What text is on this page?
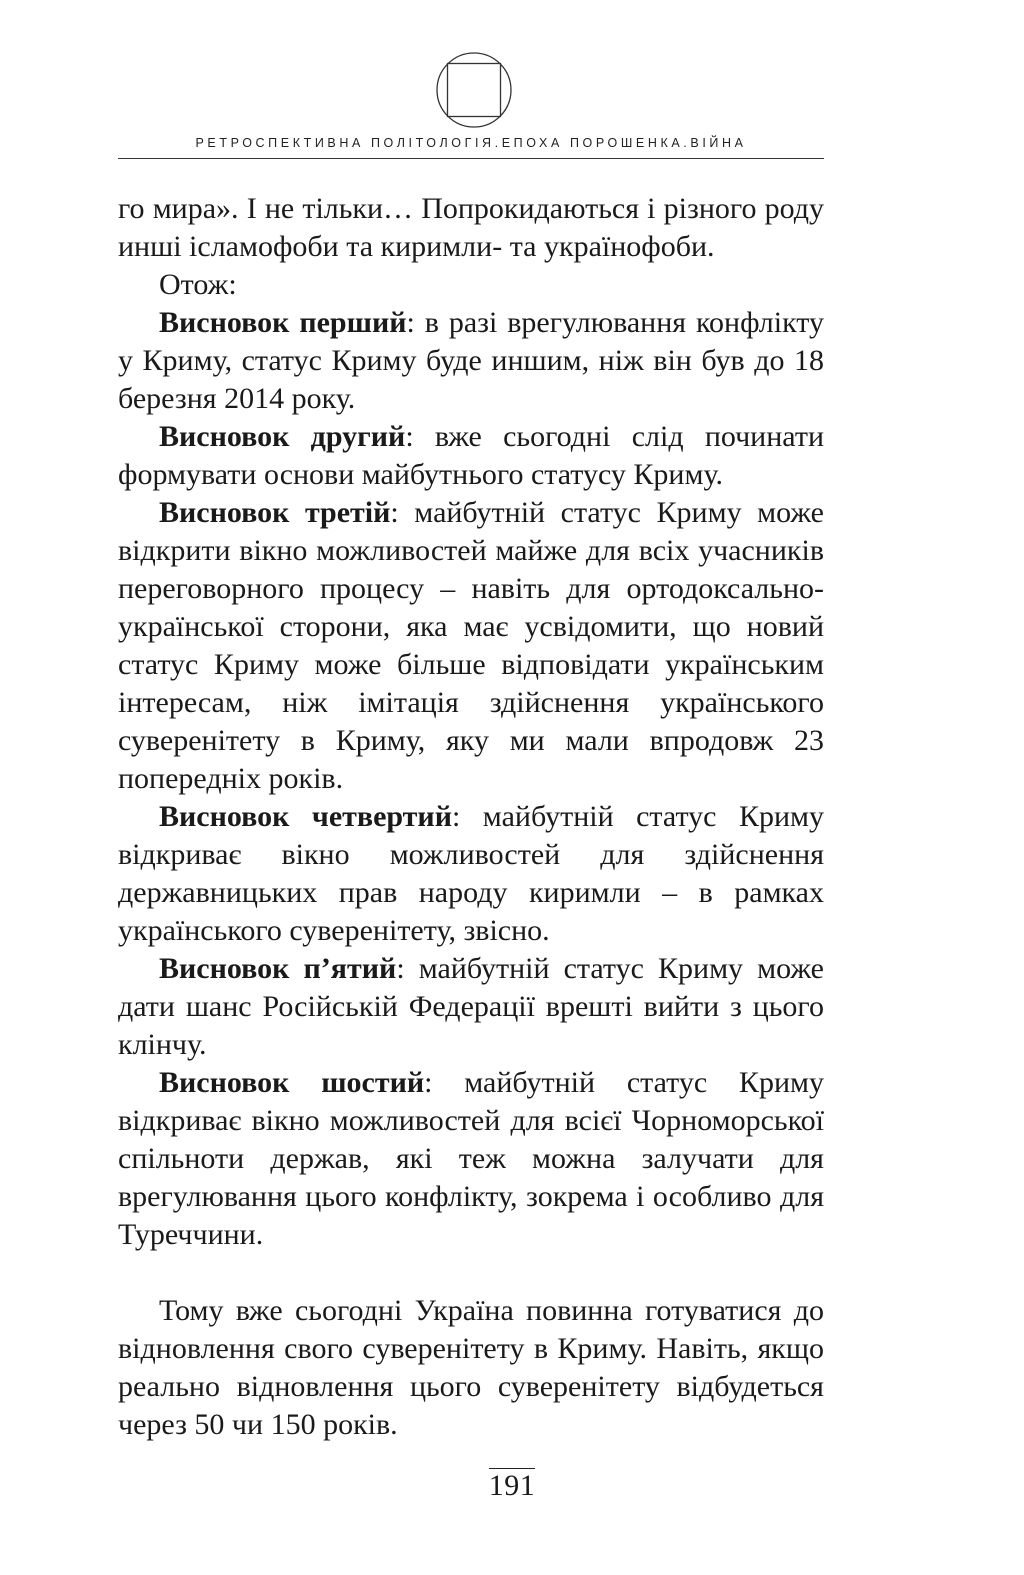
РЕТРОСПЕКТИВНА ПОЛІТОЛОГІЯ.ЕПОХА ПОРОШЕНКА.ВІЙНА

го мира». І не тільки… Попрокидаються і різного роду инші ісламофоби та киримли- та українофоби.

Отож:

Висновок перший: в разі врегулювання конфлікту у Криму, статус Криму буде иншим, ніж він був до 18 березня 2014 року.

Висновок другий: вже сьогодні слід починати формувати основи майбутнього статусу Криму.

Висновок третій: майбутній статус Криму може відкрити вікно можливостей майже для всіх учасників переговорного процесу – навіть для ортодоксально-української сторони, яка має усвідомити, що новий статус Криму може більше відповідати українським інтересам, ніж імітація здійснення українського суверенітету в Криму, яку ми мали впродовж 23 попередніх років.

Висновок четвертий: майбутній статус Криму відкриває вікно можливостей для здійснення державницьких прав народу киримли – в рамках українського суверенітету, звісно.

Висновок п’ятий: майбутній статус Криму може дати шанс Російській Федерації врешті вийти з цього клінчу.

Висновок шостий: майбутній статус Криму відкриває вікно можливостей для всієї Чорноморської спільноти держав, які теж можна залучати для врегулювання цього конфлікту, зокрема і особливо для Туреччини.

Тому вже сьогодні Україна повинна готуватися до відновлення свого суверенітету в Криму. Навіть, якщо реально відновлення цього суверенітету відбудеться через 50 чи 150 років.

191
